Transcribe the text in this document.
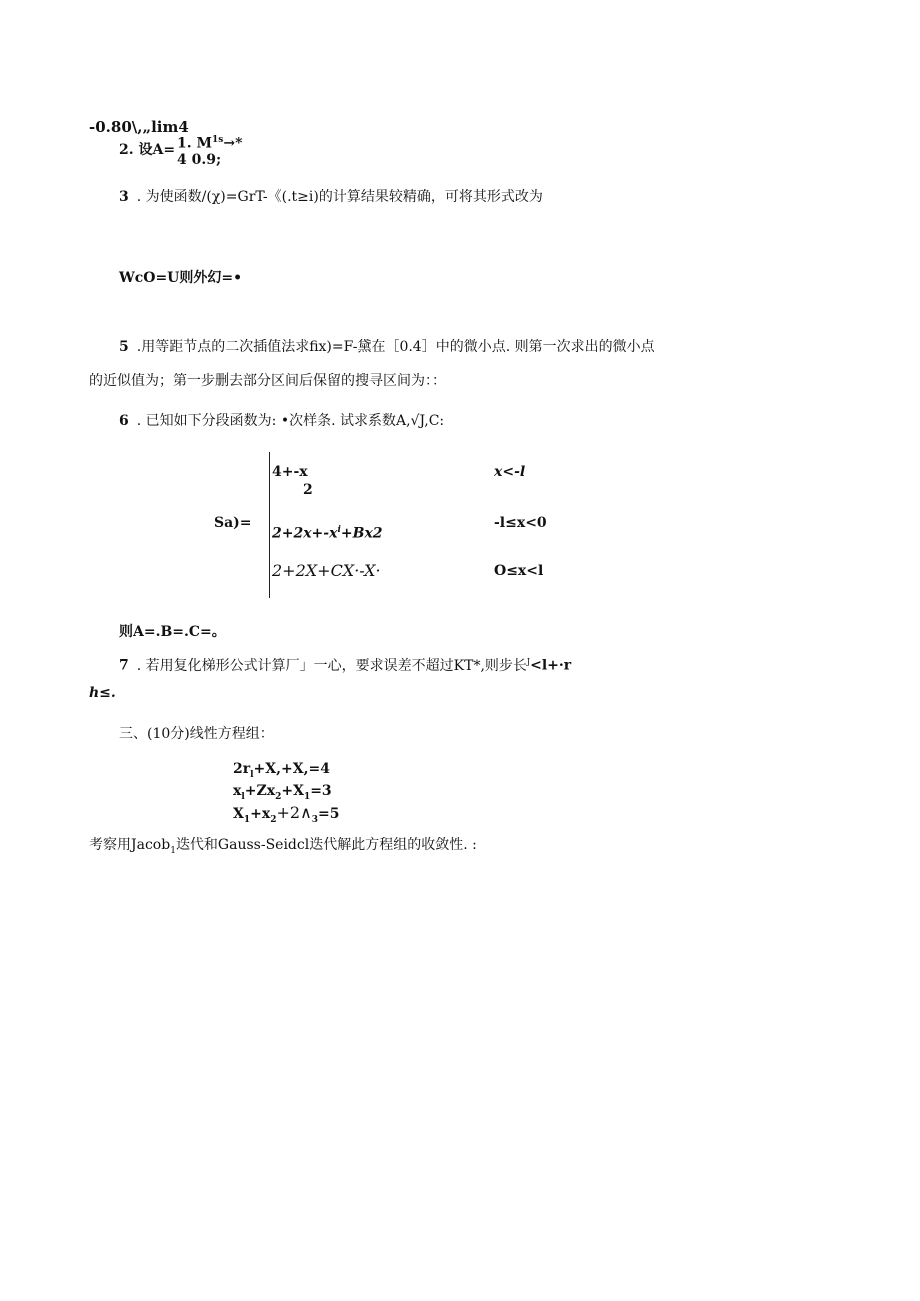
-0.80\,„lim4
2. 设A= 1. $M^{1s}\to*$
4 0.9;
3 . 为使函数/(χ)=GrT-《(.t≥i)的计算结果较精确，可将其形式改为
WcO=U则外幻=•
5 .用等距节点的二次插值法求fix)=F-黛在［0.4］中的微小点. 则第一次求出的微小点
的近似值为；第一步删去部分区间后保留的搜寻区间为：：
6 . 已知如下分段函数为: •次样条. 试求系数A,√J,C:
Sa)=
4+-x
2
x<-l
$2+2x+-x^i+Bx2$
-l≤x<0
2+2X+CX·-X·	O≤x<l
则A=.B=.C=。
7 . 若用复化梯形公式计算厂」一心，要求误差不超过KT*,则步长$^J$<l+·r
h≤.
三、(10分)线性方程组：
$2r_l+X,+X,=4$
$x_l+Zx_2+X_1=3$
$X_1+x_2+2\wedge_3=5$
考察用Jacob$_1$迭代和Gauss-Seidcl迭代解此方程组的收敛性. :
